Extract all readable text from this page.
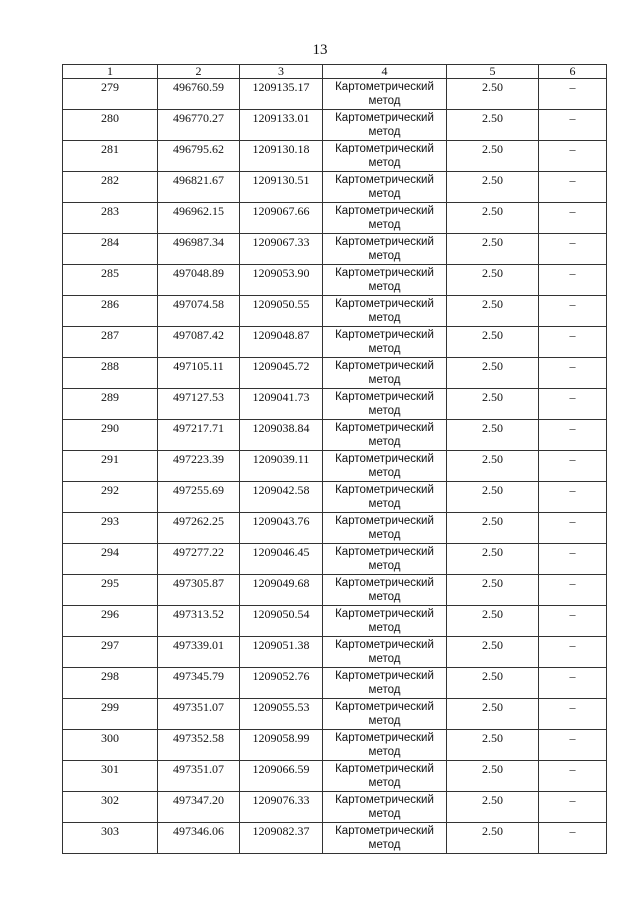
13
1	2	3	4	5	6
279	496760.59	1209135.17	Картометрический метод	2.50	–
280	496770.27	1209133.01	Картометрический метод	2.50	–
281	496795.62	1209130.18	Картометрический метод	2.50	–
282	496821.67	1209130.51	Картометрический метод	2.50	–
283	496962.15	1209067.66	Картометрический метод	2.50	–
284	496987.34	1209067.33	Картометрический метод	2.50	–
285	497048.89	1209053.90	Картометрический метод	2.50	–
286	497074.58	1209050.55	Картометрический метод	2.50	–
287	497087.42	1209048.87	Картометрический метод	2.50	–
288	497105.11	1209045.72	Картометрический метод	2.50	–
289	497127.53	1209041.73	Картометрический метод	2.50	–
290	497217.71	1209038.84	Картометрический метод	2.50	–
291	497223.39	1209039.11	Картометрический метод	2.50	–
292	497255.69	1209042.58	Картометрический метод	2.50	–
293	497262.25	1209043.76	Картометрический метод	2.50	–
294	497277.22	1209046.45	Картометрический метод	2.50	–
295	497305.87	1209049.68	Картометрический метод	2.50	–
296	497313.52	1209050.54	Картометрический метод	2.50	–
297	497339.01	1209051.38	Картометрический метод	2.50	–
298	497345.79	1209052.76	Картометрический метод	2.50	–
299	497351.07	1209055.53	Картометрический метод	2.50	–
300	497352.58	1209058.99	Картометрический метод	2.50	–
301	497351.07	1209066.59	Картометрический метод	2.50	–
302	497347.20	1209076.33	Картометрический метод	2.50	–
303	497346.06	1209082.37	Картометрический метод	2.50	–
